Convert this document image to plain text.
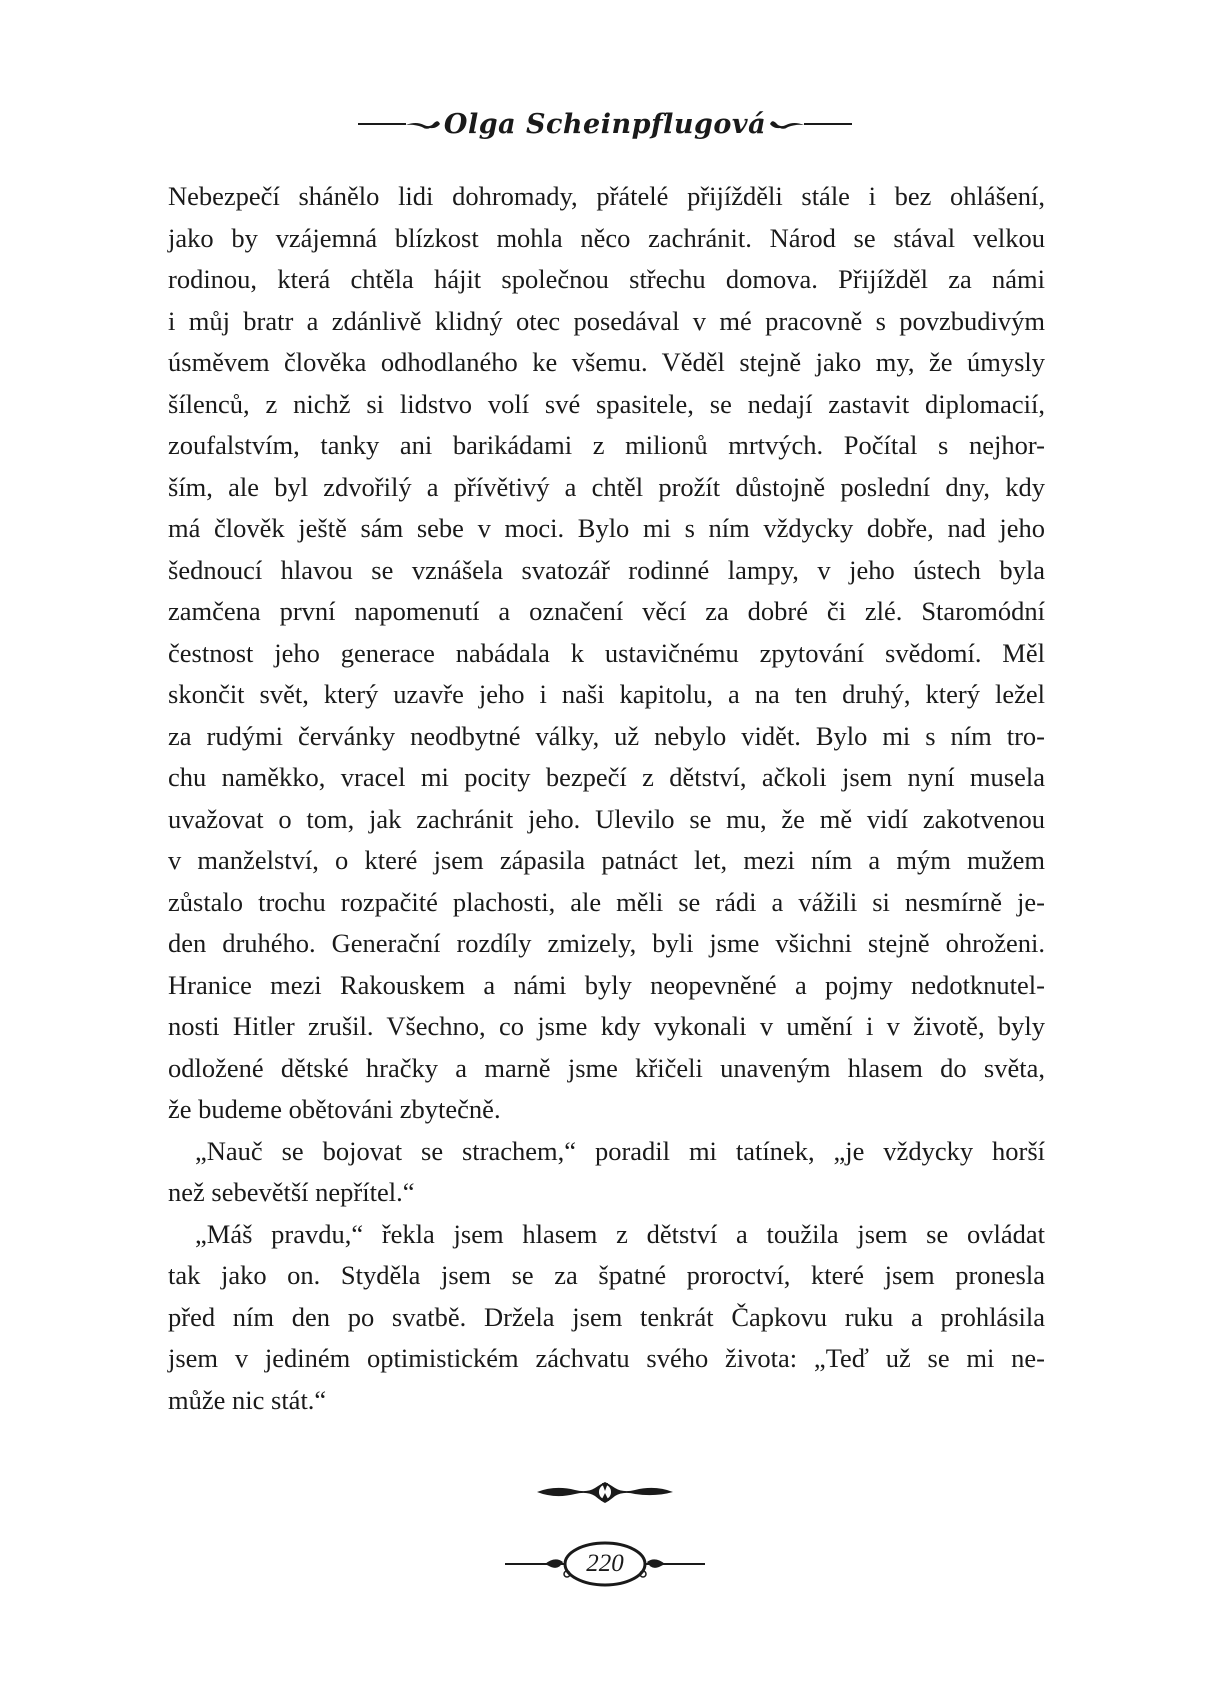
Olga Scheinpflugová
Nebezpečí shánělo lidi dohromady, přátelé přijížděli stále i bez ohlášení,
jako by vzájemná blízkost mohla něco zachránit. Národ se stával velkou
rodinou, která chtěla hájit společnou střechu domova. Přijížděl za námi
i můj bratr a zdánlivě klidný otec posedával v mé pracovně s povzbudivým
úsměvem člověka odhodlaného ke všemu. Věděl stejně jako my, že úmysly
šílenců, z nichž si lidstvo volí své spasitele, se nedají zastavit diplomacií,
zoufalstvím, tanky ani barikádami z milionů mrtvých. Počítal s nejhor-
ším, ale byl zdvořilý a přívětivý a chtěl prožít důstojně poslední dny, kdy
má člověk ještě sám sebe v moci. Bylo mi s ním vždycky dobře, nad jeho
šednoucí hlavou se vznášela svatozář rodinné lampy, v jeho ústech byla
zamčena první napomenutí a označení věcí za dobré či zlé. Staromódní
čestnost jeho generace nabádala k ustavičnému zpytování svědomí. Měl
skončit svět, který uzavře jeho i naši kapitolu, a na ten druhý, který ležel
za rudými červánky neodbytné války, už nebylo vidět. Bylo mi s ním tro-
chu naměkko, vracel mi pocity bezpečí z dětství, ačkoli jsem nyní musela
uvažovat o tom, jak zachránit jeho. Ulevilo se mu, že mě vidí zakotvenou
v manželství, o které jsem zápasila patnáct let, mezi ním a mým mužem
zůstalo trochu rozpačité plachosti, ale měli se rádi a vážili si nesmírně je-
den druhého. Generační rozdíly zmizely, byli jsme všichni stejně ohroženi.
Hranice mezi Rakouskem a námi byly neopevněné a pojmy nedotknutel-
nosti Hitler zrušil. Všechno, co jsme kdy vykonali v umění i v životě, byly
odložené dětské hračky a marně jsme křičeli unaveným hlasem do světa,
že budeme obětováni zbytečně.
„Nauč se bojovat se strachem,“ poradil mi tatínek, „je vždycky horší
než sebevětší nepřítel.“
„Máš pravdu,“ řekla jsem hlasem z dětství a toužila jsem se ovládat
tak jako on. Styděla jsem se za špatné proroctví, které jsem pronesla
před ním den po svatbě. Držela jsem tenkrát Čapkovu ruku a prohlásila
jsem v jediném optimistickém záchvatu svého života: „Teď už se mi ne-
může nic stát.“
220
